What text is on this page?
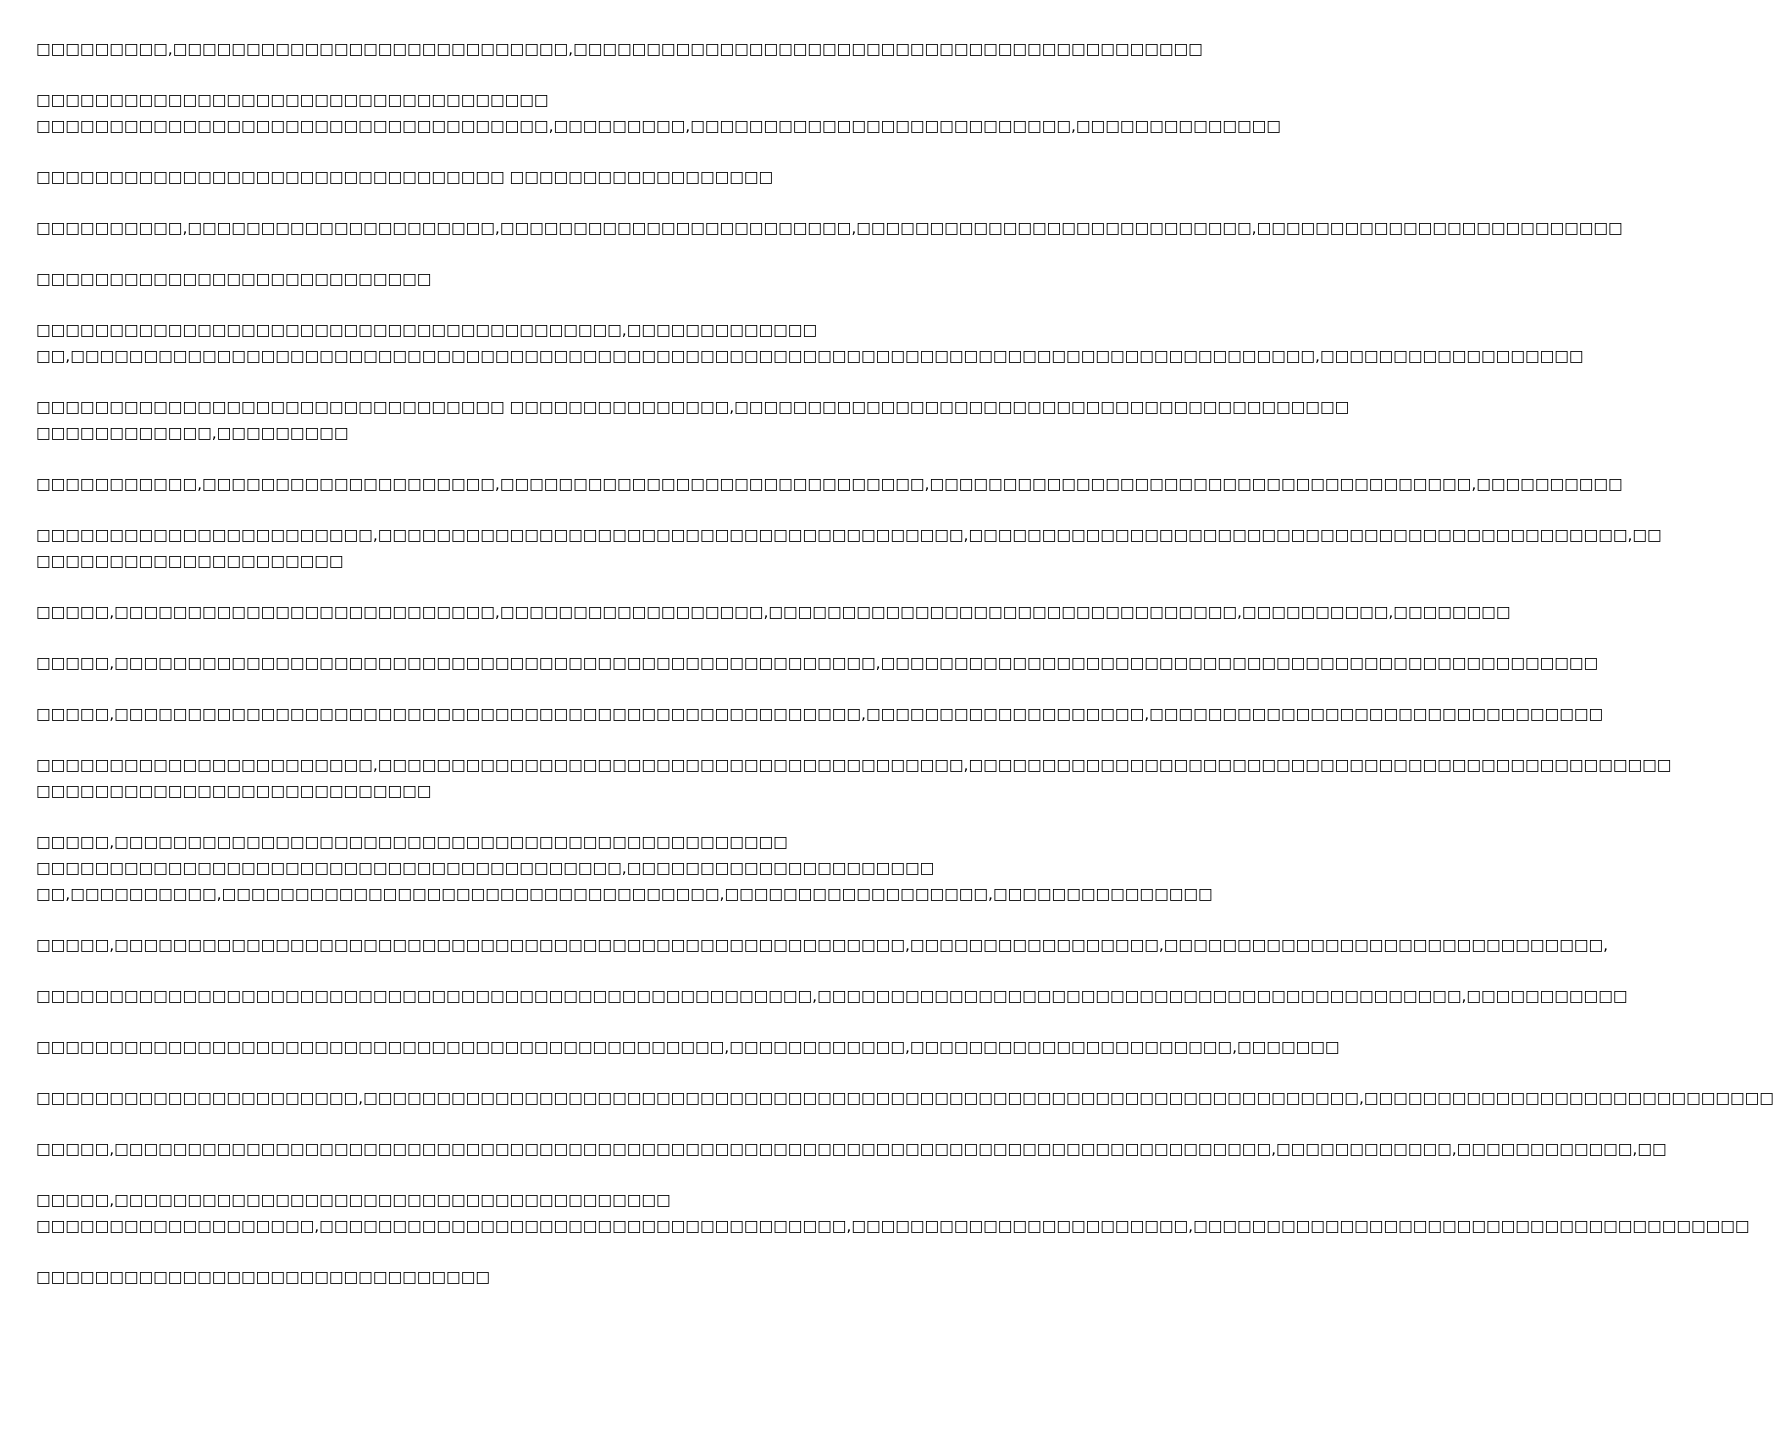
□□□□□□□□□,□□□□□□□□□□□□□□□□□□□□□□□□□□□,□□□□□□□□□□□□□□□□□□□□□□□□□□□□□□□□□□□□□□□□□□□

□□□□□□□□□□□□□□□□□□□□□□□□□□□□□□□□□□□
□□□□□□□□□□□□□□□□□□□□□□□□□□□□□□□□□□□,□□□□□□□□□,□□□□□□□□□□□□□□□□□□□□□□□□□□,□□□□□□□□□□□□□□

□□□□□□□□□□□□□□□□□□□□□□□□□□□□□□□□ □□□□□□□□□□□□□□□□□□

□□□□□□□□□□,□□□□□□□□□□□□□□□□□□□□□,□□□□□□□□□□□□□□□□□□□□□□□□,□□□□□□□□□□□□□□□□□□□□□□□□□□□,□□□□□□□□□□□□□□□□□□□□□□□□□

□□□□□□□□□□□□□□□□□□□□□□□□□□□

□□□□□□□□□□□□□□□□□□□□□□□□□□□□□□□□□□□□□□□□,□□□□□□□□□□□□□
□□,□□□□□□□□□□□□□□□□□□□□□□□□□□□□□□□□□□□□□□□□□□□□□□□□□□□□□□□□□□□□□□□□□□□□□□□□□□□□□□□□□□□□□,□□□□□□□□□□□□□□□□□□

□□□□□□□□□□□□□□□□□□□□□□□□□□□□□□□□ □□□□□□□□□□□□□□□,□□□□□□□□□□□□□□□□□□□□□□□□□□□□□□□□□□□□□□□□□□
□□□□□□□□□□□□,□□□□□□□□□

□□□□□□□□□□□,□□□□□□□□□□□□□□□□□□□□,□□□□□□□□□□□□□□□□□□□□□□□□□□□□□,□□□□□□□□□□□□□□□□□□□□□□□□□□□□□□□□□□□□□,□□□□□□□□□□

□□□□□□□□□□□□□□□□□□□□□□□,□□□□□□□□□□□□□□□□□□□□□□□□□□□□□□□□□□□□□□□□,□□□□□□□□□□□□□□□□□□□□□□□□□□□□□□□□□□□□□□□□□□□□□,□□
□□□□□□□□□□□□□□□□□□□□□

□□□□□,□□□□□□□□□□□□□□□□□□□□□□□□□□,□□□□□□□□□□□□□□□□□□,□□□□□□□□□□□□□□□□□□□□□□□□□□□□□□□□,□□□□□□□□□□,□□□□□□□□

□□□□□,□□□□□□□□□□□□□□□□□□□□□□□□□□□□□□□□□□□□□□□□□□□□□□□□□□□□,□□□□□□□□□□□□□□□□□□□□□□□□□□□□□□□□□□□□□□□□□□□□□□□□□

□□□□□,□□□□□□□□□□□□□□□□□□□□□□□□□□□□□□□□□□□□□□□□□□□□□□□□□□□,□□□□□□□□□□□□□□□□□□□,□□□□□□□□□□□□□□□□□□□□□□□□□□□□□□□

□□□□□□□□□□□□□□□□□□□□□□□,□□□□□□□□□□□□□□□□□□□□□□□□□□□□□□□□□□□□□□□□,□□□□□□□□□□□□□□□□□□□□□□□□□□□□□□□□□□□□□□□□□□□□□□□□
□□□□□□□□□□□□□□□□□□□□□□□□□□□

□□□□□,□□□□□□□□□□□□□□□□□□□□□□□□□□□□□□□□□□□□□□□□□□□□□□
□□□□□□□□□□□□□□□□□□□□□□□□□□□□□□□□□□□□□□□□,□□□□□□□□□□□□□□□□□□□□□
□□,□□□□□□□□□□,□□□□□□□□□□□□□□□□□□□□□□□□□□□□□□□□□□,□□□□□□□□□□□□□□□□□□,□□□□□□□□□□□□□□□

□□□□□,□□□□□□□□□□□□□□□□□□□□□□□□□□□□□□□□□□□□□□□□□□□□□□□□□□□□□□,□□□□□□□□□□□□□□□□□,□□□□□□□□□□□□□□□□□□□□□□□□□□□□□□,

□□□□□□□□□□□□□□□□□□□□□□□□□□□□□□□□□□□□□□□□□□□□□□□□□□□□□,□□□□□□□□□□□□□□□□□□□□□□□□□□□□□□□□□□□□□□□□□□□□,□□□□□□□□□□□

□□□□□□□□□□□□□□□□□□□□□□□□□□□□□□□□□□□□□□□□□□□□□□□,□□□□□□□□□□□□,□□□□□□□□□□□□□□□□□□□□□□,□□□□□□□

□□□□□□□□□□□□□□□□□□□□□□,□□□□□□□□□□□□□□□□□□□□□□□□□□□□□□□□□□□□□□□□□□□□□□□□□□□□□□□□□□□□□□□□□□□□,□□□□□□□□□□□□□□□□□□□□□□□□□□□□

□□□□□,□□□□□□□□□□□□□□□□□□□□□□□□□□□□□□□□□□□□□□□□□□□□□□□□□□□□□□□□□□□□□□□□□□□□□□□□□□□□□□□,□□□□□□□□□□□□,□□□□□□□□□□□□,□□

□□□□□,□□□□□□□□□□□□□□□□□□□□□□□□□□□□□□□□□□□□□□
□□□□□□□□□□□□□□□□□□□,□□□□□□□□□□□□□□□□□□□□□□□□□□□□□□□□□□□□,□□□□□□□□□□□□□□□□□□□□□□□,□□□□□□□□□□□□□□□□□□□□□□□□□□□□□□□□□□□□□□

□□□□□□□□□□□□□□□□□□□□□□□□□□□□□□□
